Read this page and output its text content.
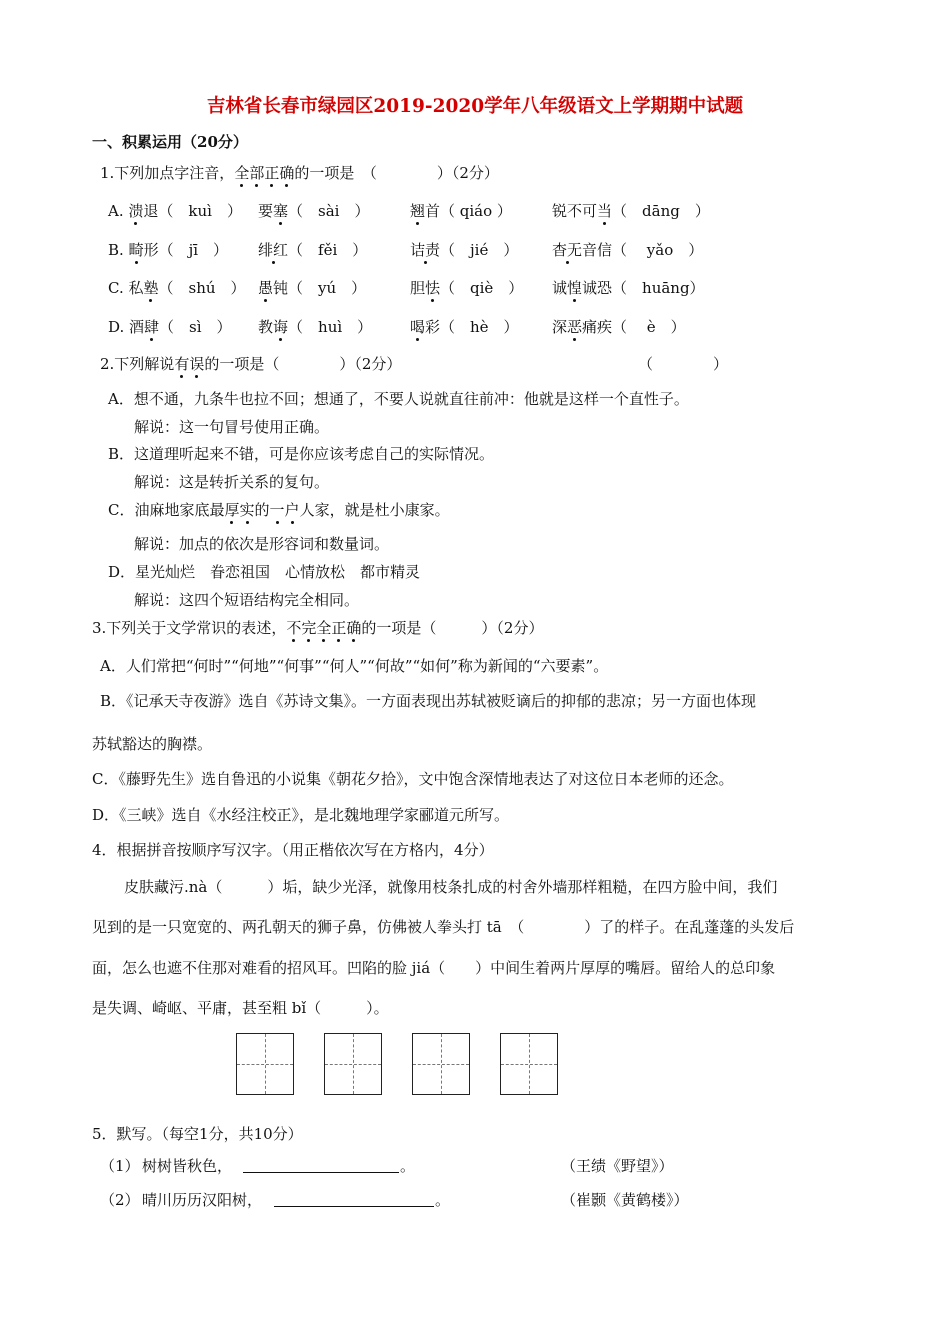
吉林省长春市绿园区2019-2020学年八年级语文上学期期中试题
一、积累运用（20分）
1.下列加点字注音，全部正确的一项是　（　　　　）（2分）
A. 溃退（　kuì　） 要塞（　sài　）	翘首（ qiáo ）	锐不可当（　dāng　）
B. 畸形（　jī　） 绯红（　fěi　）	诘责（　jié　） 杳无音信（　 yǎo　）
C. 私塾（　shú　） 愚钝（　yú　）	胆怯（　qiè　） 诚惶诚恐（　huāng）
D. 酒肆（　sì　） 教诲（　huì　）	喝彩（　hè　） 深恶痛疾（　 è　）
2.下列解说有误的一项是（　　　　）（2分）	（　　　　）
A．想不通，九条牛也拉不回；想通了，不要人说就直往前冲：他就是这样一个直性子。
解说：这一句冒号使用正确。
B．这道理听起来不错，可是你应该考虑自己的实际情况。
解说：这是转折关系的复句。
C．油麻地家底最厚实的一户人家，就是杜小康家。
解说：加点的依次是形容词和数量词。
D．星光灿烂　眷恋祖国　心情放松　都市精灵
解说：这四个短语结构完全相同。
3.下列关于文学常识的表述，不完全正确的一项是（　　　）（2分）
A．人们常把“何时”“何地”“何事”“何人”“何故”“如何”称为新闻的“六要素”。
B．《记承天寺夜游》选自《苏诗文集》。一方面表现出苏轼被贬谪后的抑郁的悲凉；另一方面也体现
苏轼豁达的胸襟。
C．《藤野先生》选自鲁迅的小说集《朝花夕拾》，文中饱含深情地表达了对这位日本老师的还念。
D．《三峡》选自《水经注校正》，是北魏地理学家郦道元所写。
4．根据拼音按顺序写汉字。（用正楷依次写在方格内，4分）
皮肤藏污.nà（　　　）垢，缺少光泽，就像用枝条扎成的村舍外墙那样粗糙，在四方脸中间，我们
见到的是一只宽宽的、两孔朝天的狮子鼻，仿佛被人拳头打 tā　（　　　　）了的样子。在乱蓬蓬的头发后
面，怎么也遮不住那对难看的招风耳。凹陷的脸 jiá（　　）中间生着两片厚厚的嘴唇。留给人的总印象
是失调、崎岖、平庸，甚至粗 bǐ（　　　）。
5．默写。（每空1分，共10分）
（1） 树树皆秋色，	。	（王绩《野望》）
（2） 晴川历历汉阳树，	。	（崔颢《黄鹤楼》）
